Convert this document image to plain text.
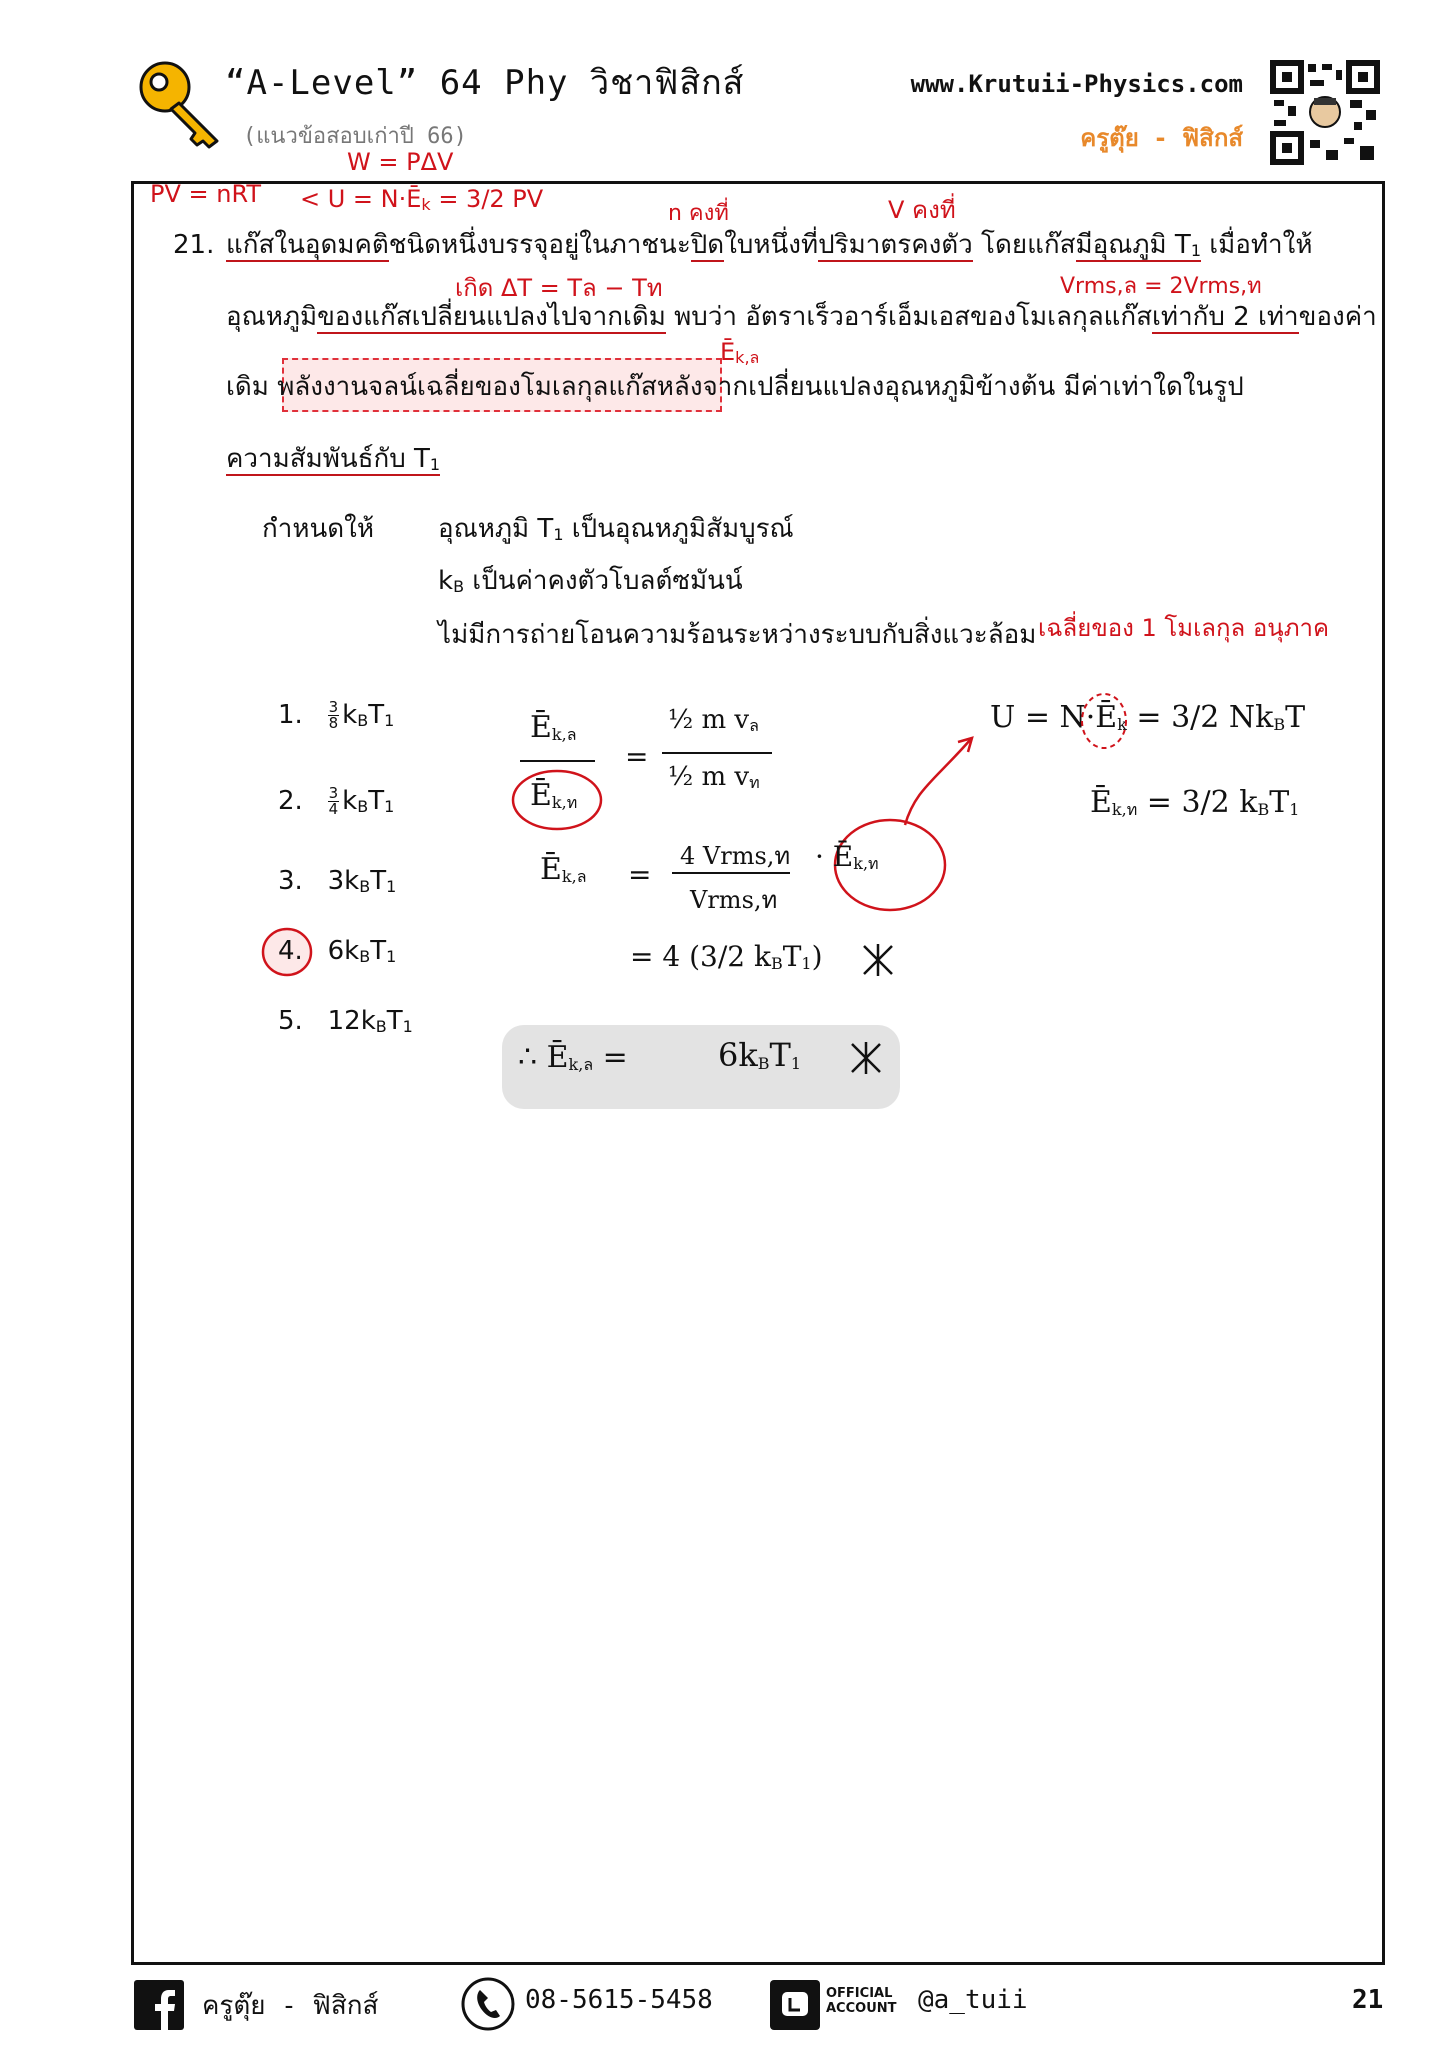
“A-Level” 64 Phy วิชาฟิสิกส์
(แนวข้อสอบเก่าปี 66)
www.Krutuii-Physics.com
ครูตุ๊ย - ฟิสิกส์
W = PΔV
PV = nRT < U = N·Ēk = 3/2 PV
n คงที่	V คงที่
21. แก๊สในอุดมคติชนิดหนึ่งบรรจุอยู่ในภาชนะปิดใบหนึ่งที่ปริมาตรคงตัว โดยแก๊สมีอุณภูมิ T1 เมื่อทำให้
เกิด ΔT = Tล − Tท	Vrms,ล = 2Vrms,ท
อุณหภูมิของแก๊สเปลี่ยนแปลงไปจากเดิม พบว่า อัตราเร็วอาร์เอ็มเอสของโมเลกุลแก๊สเท่ากับ 2 เท่าของค่า
Ēk,ล
เดิม พลังงานจลน์เฉลี่ยของโมเลกุลแก๊สหลังจากเปลี่ยนแปลงอุณหภูมิข้างต้น มีค่าเท่าใดในรูป
ความสัมพันธ์กับ T1
กำหนดให้ อุณหภูมิ T1 เป็นอุณหภูมิสัมบูรณ์
kB เป็นค่าคงตัวโบลต์ซมันน์
ไม่มีการถ่ายโอนความร้อนระหว่างระบบกับสิ่งแวะล้อม เฉลี่ยของ 1 โมเลกุล อนุภาค
1. $\frac{3}{8} kBT1$
2. $\frac{3}{4} kBT1$
3. 3kBT1
4. 6kBT1
5. 12kBT1
Ēk,ล
Ēk,ท
=
½ m vล
½ m vท
Ēk,ล =
4 Vrms,ท
Vrms,ท
· Ēk,ท
= 4 (3/2 kBT1)
U = N·Ēk = 3/2 NkBT
Ēk,ท = 3/2 kBT1
∴ Ēk,ล =	6kBT1
ครูตุ๊ย - ฟิสิกส์	08-5615-5458	OFFICIAL
ACCOUNT @a_tuii	21
